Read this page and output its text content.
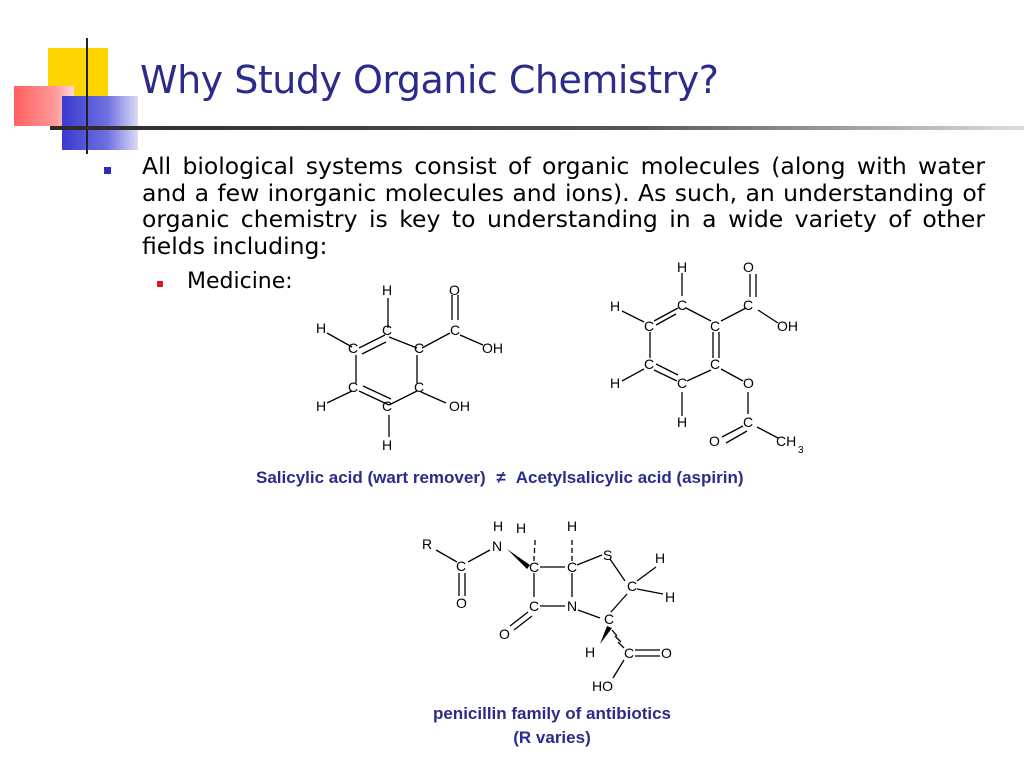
Why Study Organic Chemistry?
All biological systems consist of organic molecules (along with water and a few inorganic molecules and ions). As such, an understanding of organic chemistry is key to understanding in a wide variety of other fields including:
Medicine:	H	O
H	C	C
C	C	OH
C	C
H	C	OH
H
H	O
H	C	C
C	C	OH
C	C
H	C	O
H	C
O	CH
3
Salicylic acid (wart remover) ≠ Acetylsalicylic acid (aspirin)
R
H H	H
N
S	H
C	C C
C
O	C N
H
C
O
H C O
HO
penicillin family of antibiotics
(R varies)
